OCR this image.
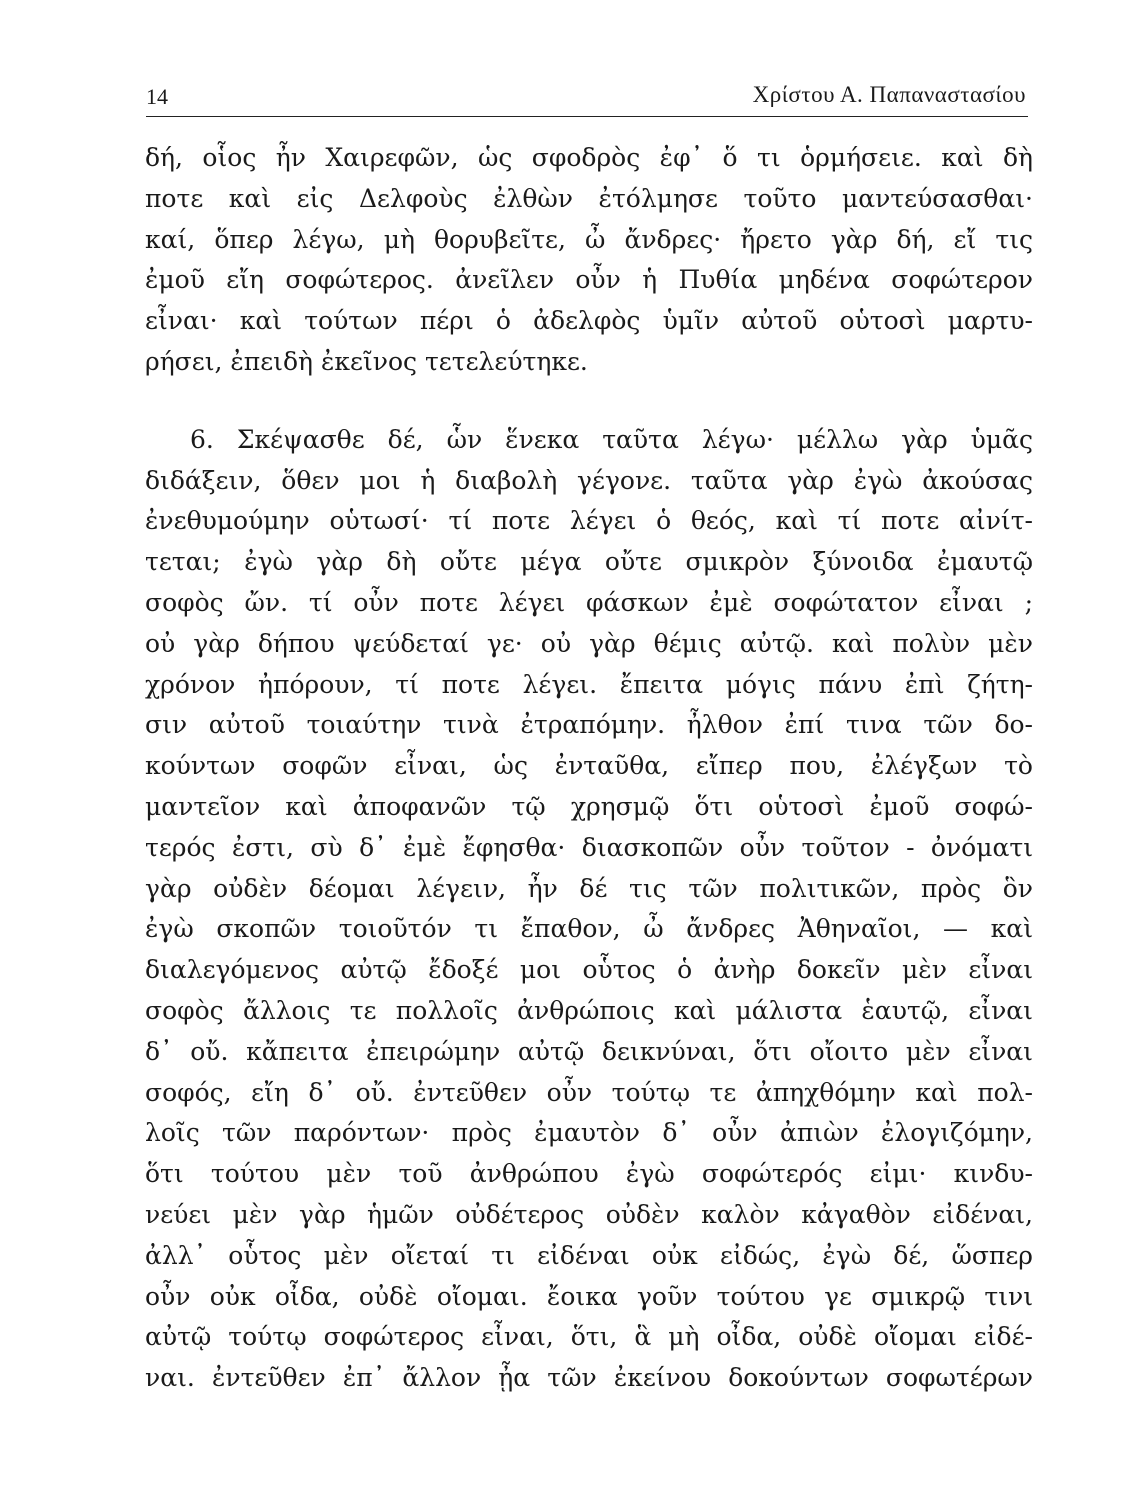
14	Χρίστου Α. Παπαναστασίου
δή, οἷος ἦν Χαιρεφῶν, ὡς σφοδρὸς ἐφ᾽ ὅ τι ὁρμήσειε. καὶ δὴ
ποτε καὶ εἰς Δελφοὺς ἐλθὼν ἐτόλμησε τοῦτο μαντεύσασθαι·
καί, ὅπερ λέγω, μὴ θορυβεῖτε, ὦ ἄνδρες· ἤρετο γὰρ δή, εἴ τις
ἐμοῦ εἴη σοφώτερος. ἀνεῖλεν οὖν ἡ Πυθία μηδένα σοφώτερον
εἶναι· καὶ τούτων πέρι ὁ ἀδελφὸς ὑμῖν αὐτοῦ οὑτοσὶ μαρτυ-
ρήσει, ἐπειδὴ ἐκεῖνος τετελεύτηκε.
6. Σκέψασθε δέ, ὧν ἕνεκα ταῦτα λέγω· μέλλω γὰρ ὑμᾶς
διδάξειν, ὅθεν μοι ἡ διαβολὴ γέγονε. ταῦτα γὰρ ἐγὼ ἀκούσας
ἐνεθυμούμην οὑτωσί· τί ποτε λέγει ὁ θεός, καὶ τί ποτε αἰνίτ-
τεται; ἐγὼ γὰρ δὴ οὔτε μέγα οὔτε σμικρὸν ξύνοιδα ἐμαυτῷ
σοφὸς ὤν. τί οὖν ποτε λέγει φάσκων ἐμὲ σοφώτατον εἶναι ;
οὐ γὰρ δήπου ψεύδεταί γε· οὐ γὰρ θέμις αὐτῷ. καὶ πολὺν μὲν
χρόνον ἠπόρουν, τί ποτε λέγει. ἔπειτα μόγις πάνυ ἐπὶ ζήτη-
σιν αὐτοῦ τοιαύτην τινὰ ἐτραπόμην. ἦλθον ἐπί τινα τῶν δο-
κούντων σοφῶν εἶναι, ὡς ἐνταῦθα, εἴπερ που, ἐλέγξων τὸ
μαντεῖον καὶ ἀποφανῶν τῷ χρησμῷ ὅτι οὑτοσὶ ἐμοῦ σοφώ-
τερός ἐστι, σὺ δ᾽ ἐμὲ ἔφησθα· διασκοπῶν οὖν τοῦτον - ὀνόματι
γὰρ οὐδὲν δέομαι λέγειν, ἦν δέ τις τῶν πολιτικῶν, πρὸς ὃν
ἐγὼ σκοπῶν τοιοῦτόν τι ἔπαθον, ὦ ἄνδρες Ἀθηναῖοι, — καὶ
διαλεγόμενος αὐτῷ ἔδοξέ μοι οὗτος ὁ ἀνὴρ δοκεῖν μὲν εἶναι
σοφὸς ἄλλοις τε πολλοῖς ἀνθρώποις καὶ μάλιστα ἑαυτῷ, εἶναι
δ᾽ οὔ. κἄπειτα ἐπειρώμην αὐτῷ δεικνύναι, ὅτι οἴοιτο μὲν εἶναι
σοφός, εἴη δ᾽ οὔ. ἐντεῦθεν οὖν τούτῳ τε ἀπηχθόμην καὶ πολ-
λοῖς τῶν παρόντων· πρὸς ἐμαυτὸν δ᾽ οὖν ἀπιὼν ἐλογιζόμην,
ὅτι τούτου μὲν τοῦ ἀνθρώπου ἐγὼ σοφώτερός εἰμι· κινδυ-
νεύει μὲν γὰρ ἡμῶν οὐδέτερος οὐδὲν καλὸν κἀγαθὸν εἰδέναι,
ἀλλ᾽ οὗτος μὲν οἴεταί τι εἰδέναι οὐκ εἰδώς, ἐγὼ δέ, ὥσπερ
οὖν οὐκ οἶδα, οὐδὲ οἴομαι. ἔοικα γοῦν τούτου γε σμικρῷ τινι
αὐτῷ τούτῳ σοφώτερος εἶναι, ὅτι, ἃ μὴ οἶδα, οὐδὲ οἴομαι εἰδέ-
ναι. ἐντεῦθεν ἐπ᾽ ἄλλον ᾖα τῶν ἐκείνου δοκούντων σοφωτέρων
